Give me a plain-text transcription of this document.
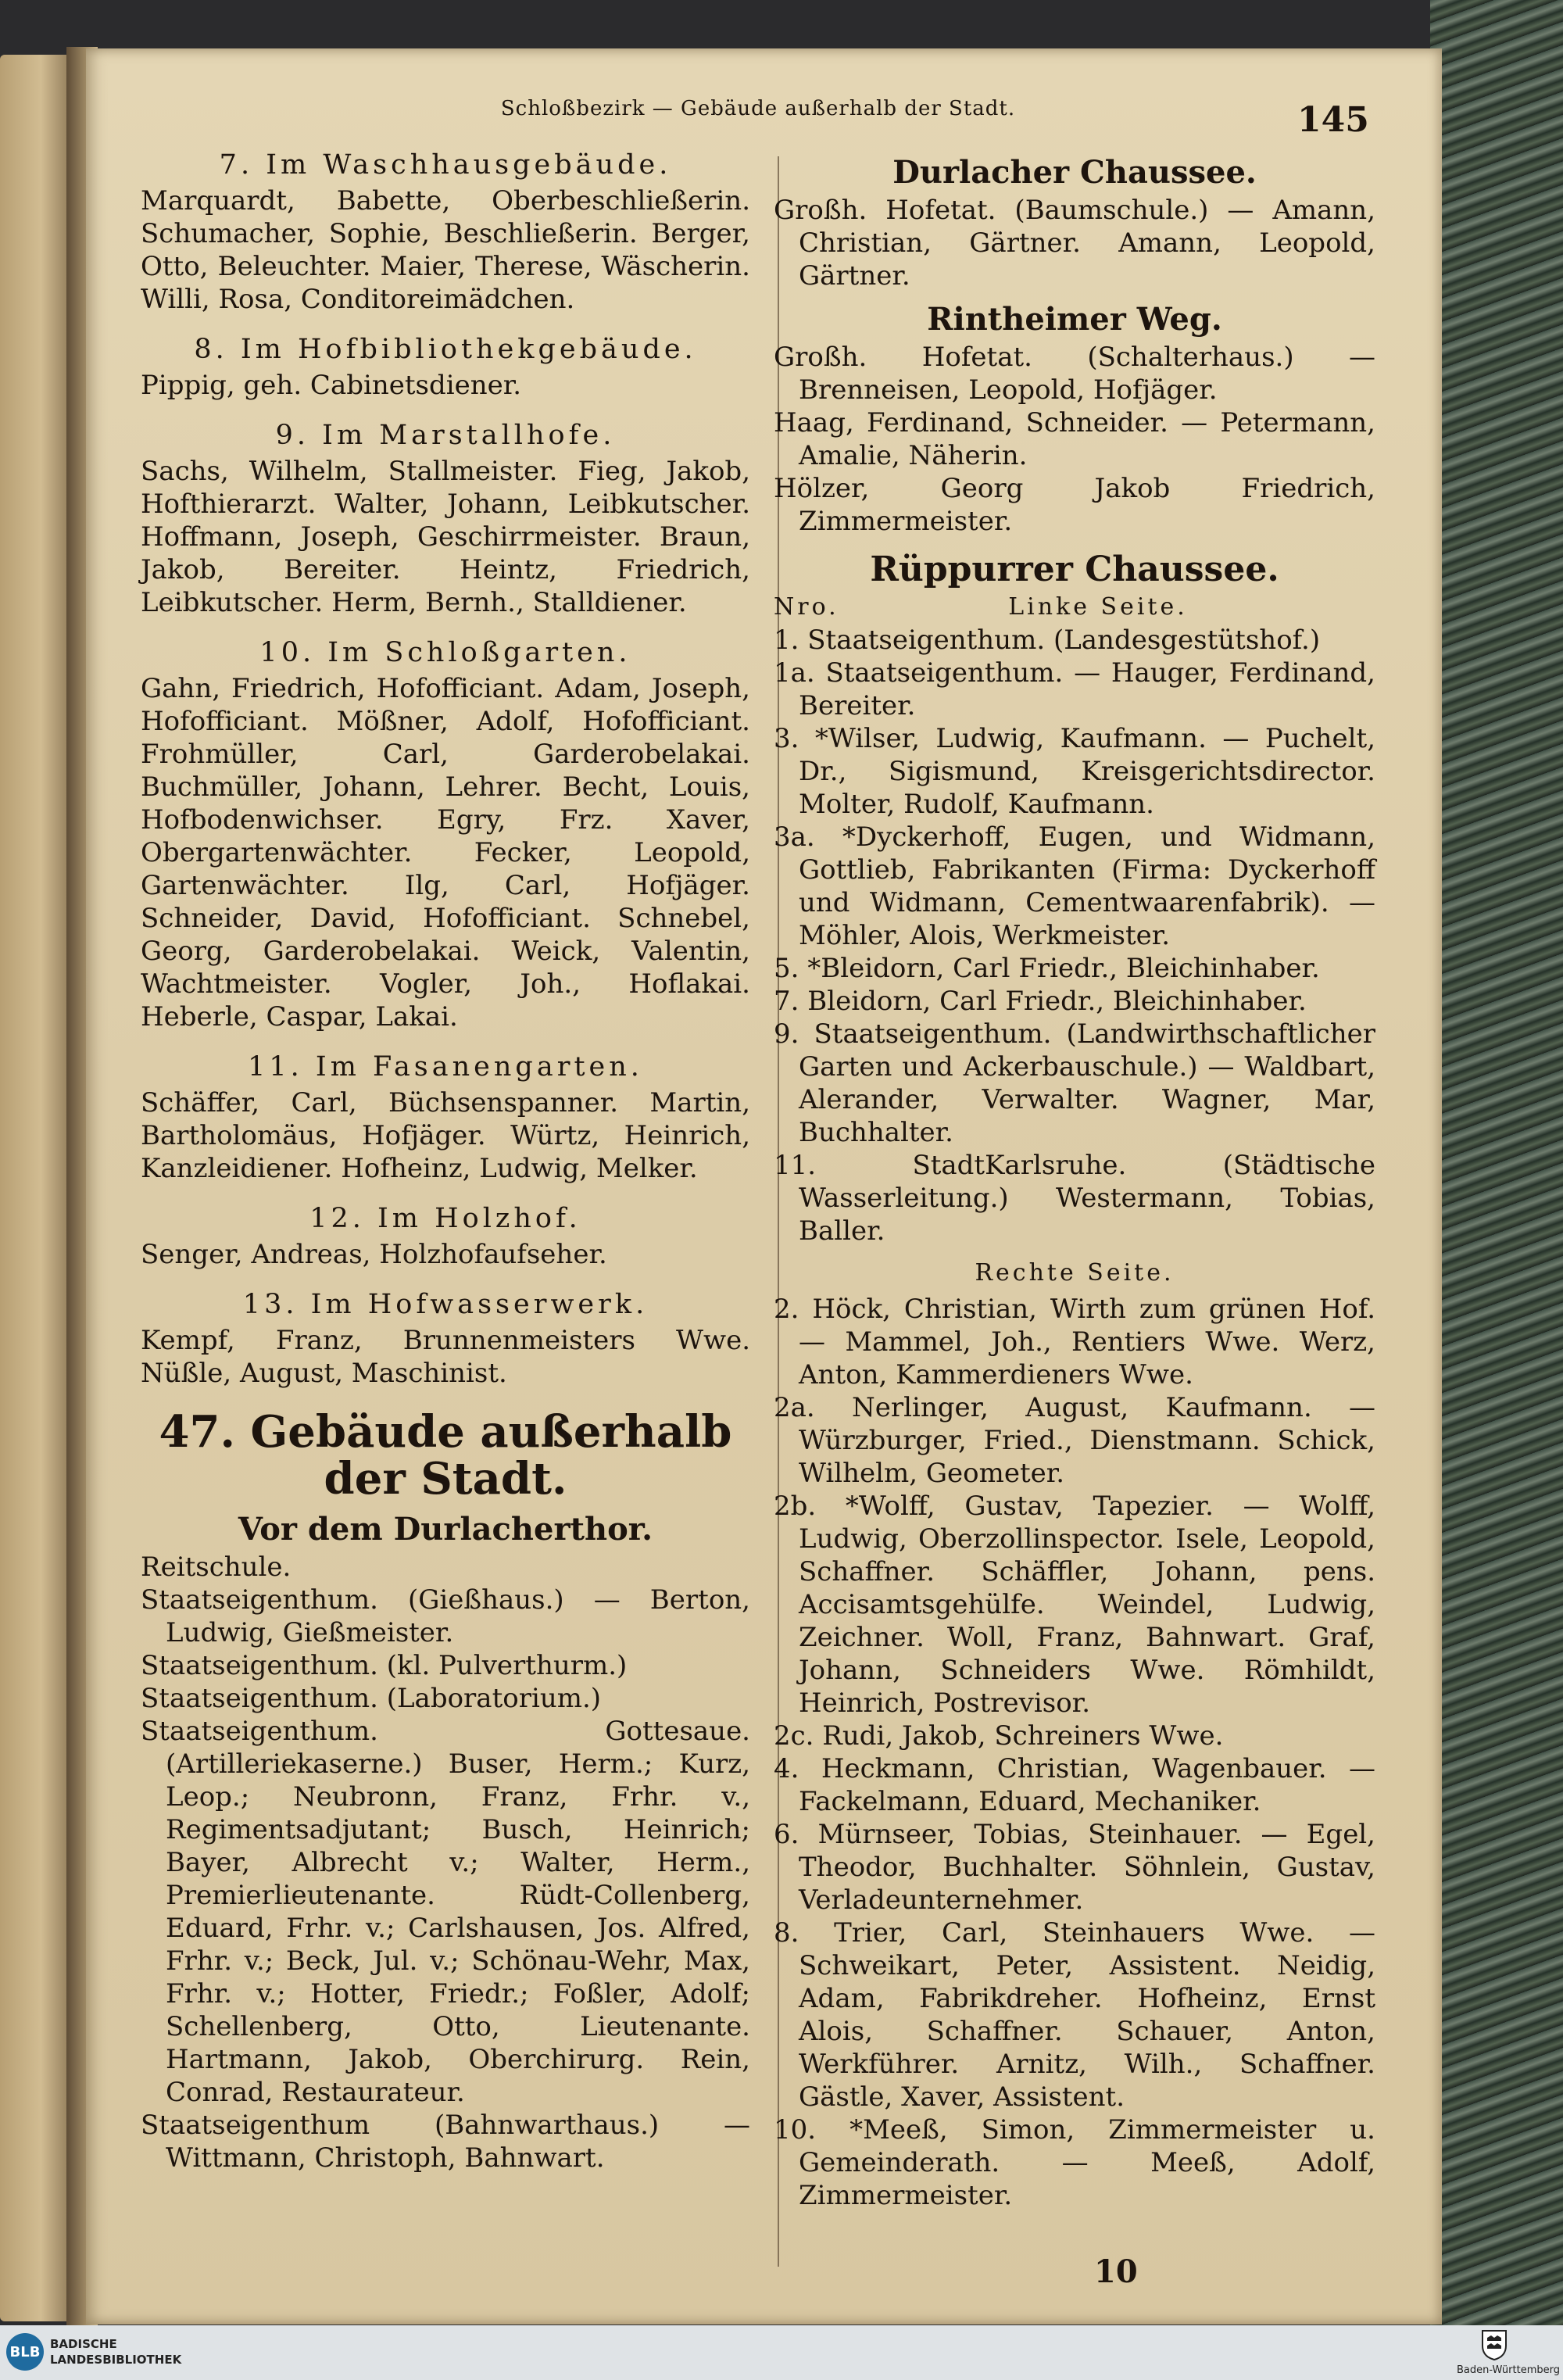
Schloßbezirk — Gebäude außerhalb der Stadt.	145
7. Im Waschhausgebäude.
Marquardt, Babette, Oberbeschließerin. Schumacher, Sophie, Beschließerin. Berger, Otto, Beleuchter. Maier, Therese, Wäscherin. Willi, Rosa, Conditoreimädchen.
8. Im Hofbibliothekgebäude.
Pippig, geh. Cabinetsdiener.
9. Im Marstallhofe.
Sachs, Wilhelm, Stallmeister. Fieg, Jakob, Hofthierarzt. Walter, Johann, Leibkutscher. Hoffmann, Joseph, Geschirrmeister. Braun, Jakob, Bereiter. Heintz, Friedrich, Leibkutscher. Herm, Bernh., Stalldiener.
10. Im Schloßgarten.
Gahn, Friedrich, Hofofficiant. Adam, Joseph, Hofofficiant. Mößner, Adolf, Hofofficiant. Frohmüller, Carl, Garderobelakai. Buchmüller, Johann, Lehrer. Becht, Louis, Hofbodenwichser. Egry, Frz. Xaver, Obergartenwächter. Fecker, Leopold, Gartenwächter. Ilg, Carl, Hofjäger. Schneider, David, Hofofficiant. Schnebel, Georg, Garderobelakai. Weick, Valentin, Wachtmeister. Vogler, Joh., Hoflakai. Heberle, Caspar, Lakai.
11. Im Fasanengarten.
Schäffer, Carl, Büchsenspanner. Martin, Bartholomäus, Hofjäger. Würtz, Heinrich, Kanzleidiener. Hofheinz, Ludwig, Melker.
12. Im Holzhof.
Senger, Andreas, Holzhofaufseher.
13. Im Hofwasserwerk.
Kempf, Franz, Brunnenmeisters Wwe. Nüßle, August, Maschinist.
47. Gebäude außerhalb der Stadt.
Vor dem Durlacherthor.
Reitschule.
Staatseigenthum. (Gießhaus.) — Berton, Ludwig, Gießmeister.
Staatseigenthum. (kl. Pulverthurm.)
Staatseigenthum. (Laboratorium.)
Staatseigenthum. Gottesaue. (Artilleriekaserne.) Buser, Herm.; Kurz, Leop.; Neubronn, Franz, Frhr. v., Regimentsadjutant; Busch, Heinrich; Bayer, Albrecht v.; Walter, Herm., Premierlieutenante. Rüdt-Collenberg, Eduard, Frhr. v.; Carlshausen, Jos. Alfred, Frhr. v.; Beck, Jul. v.; Schönau-Wehr, Max, Frhr. v.; Hotter, Friedr.; Foßler, Adolf; Schellenberg, Otto, Lieutenante. Hartmann, Jakob, Oberchirurg. Rein, Conrad, Restaurateur.
Staatseigenthum (Bahnwarthaus.) — Wittmann, Christoph, Bahnwart.
Durlacher Chaussee.
Großh. Hofetat. (Baumschule.) — Amann, Christian, Gärtner. Amann, Leopold, Gärtner.
Rintheimer Weg.
Großh. Hofetat. (Schalterhaus.) — Brenneisen, Leopold, Hofjäger.
Haag, Ferdinand, Schneider. — Petermann, Amalie, Näherin.
Hölzer, Georg Jakob Friedrich, Zimmermeister.
Rüppurrer Chaussee.
Nro.	Linke Seite.
1. Staatseigenthum. (Landesgestütshof.)
1a. Staatseigenthum. — Hauger, Ferdinand, Bereiter.
3. *Wilser, Ludwig, Kaufmann. — Puchelt, Dr., Sigismund, Kreisgerichtsdirector. Molter, Rudolf, Kaufmann.
3a. *Dyckerhoff, Eugen, und Widmann, Gottlieb, Fabrikanten (Firma: Dyckerhoff und Widmann, Cementwaarenfabrik). — Möhler, Alois, Werkmeister.
5. *Bleidorn, Carl Friedr., Bleichinhaber.
7. Bleidorn, Carl Friedr., Bleichinhaber.
9. Staatseigenthum. (Landwirthschaftlicher Garten und Ackerbauschule.) — Waldbart, Alerander, Verwalter. Wagner, Mar, Buchhalter.
11. StadtKarlsruhe. (Städtische Wasserleitung.) Westermann, Tobias, Baller.
Rechte Seite.
2. Höck, Christian, Wirth zum grünen Hof. — Mammel, Joh., Rentiers Wwe. Werz, Anton, Kammerdieners Wwe.
2a. Nerlinger, August, Kaufmann. — Würzburger, Fried., Dienstmann. Schick, Wilhelm, Geometer.
2b. *Wolff, Gustav, Tapezier. — Wolff, Ludwig, Oberzollinspector. Isele, Leopold, Schaffner. Schäffler, Johann, pens. Accisamtsgehülfe. Weindel, Ludwig, Zeichner. Woll, Franz, Bahnwart. Graf, Johann, Schneiders Wwe. Römhildt, Heinrich, Postrevisor.
2c. Rudi, Jakob, Schreiners Wwe.
4. Heckmann, Christian, Wagenbauer. — Fackelmann, Eduard, Mechaniker.
6. Mürnseer, Tobias, Steinhauer. — Egel, Theodor, Buchhalter. Söhnlein, Gustav, Verladeunternehmer.
8. Trier, Carl, Steinhauers Wwe. — Schweikart, Peter, Assistent. Neidig, Adam, Fabrikdreher. Hofheinz, Ernst Alois, Schaffner. Schauer, Anton, Werkführer. Arnitz, Wilh., Schaffner. Gästle, Xaver, Assistent.
10. *Meeß, Simon, Zimmermeister u. Gemeinderath. — Meeß, Adolf, Zimmermeister.
10
BLB BADISCHE
LANDESBIBLIOTHEK
Baden-Württemberg
